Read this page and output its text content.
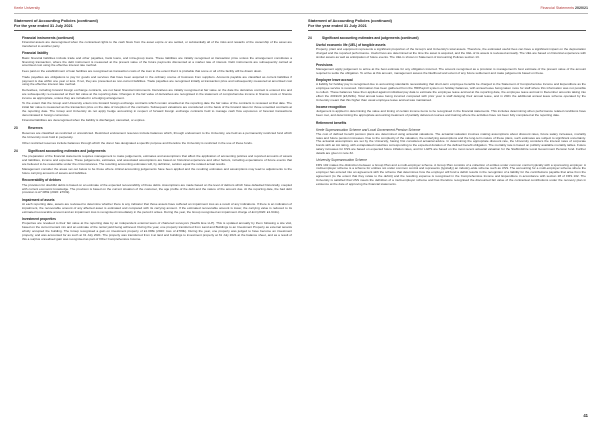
Keele University	Financial Statements 2020/21
Statement of Accounting Policies (continued)
For the year ended 31 July 2021
Financial instruments (continued)
Financial assets are derecognised when the contractual rights to the cash flows from the asset expire or are settled, or substantially all of the risks and rewards of the ownership of the asset are transferred to another party.
Financial liability
Basic financial liabilities include trade and other payables, bank loans, and intra-group loans. These liabilities are initially recognised at transaction price unless the arrangement constitutes a financing transaction, where the debt instrument is measured at the present value of the future payments discounted at a market rate of interest. Debt instruments are subsequently carried at amortised cost using the effective interest rate method.
Fees paid on the establishment of loan facilities are recognised as transaction costs of the loan to the extent that it is probable that some or all of the facility will be drawn down.
Trade payables are obligations to pay for goods and services that have been acquired in the ordinary course of business from suppliers. Accounts payable are classified as current liabilities if payment is due within one year or less. If not, they are presented as non-current liabilities. Trade payables are recognised initially at transaction price and subsequently measured at amortised cost using the effective interest rate method.
Derivatives, including forward foreign exchange contracts, are not basic financial instruments. Derivatives are initially recognised at fair value on the date the derivative contract is entered into and are subsequently re-measured at their fair value at the reporting date. Changes in the fair value of derivatives are recognised in the statement of comprehensive income in finance costs or finance income as appropriate, unless they are included in a hedging arrangement.
To the extent that the Group and University enters into forward foreign exchange contracts which remain unsettled at the reporting date the fair value of the contracts is reviewed at that date. The initial fair value is measured as the transaction price on the date of inception of the contracts. Subsequent valuations are considered on the basis of the forward rates for those unsettled contracts at the reporting date. The Group and University do not apply hedge accounting in respect of forward foreign exchange contracts held to manage cash flow exposures of forecast transactions denominated in foreign currencies.
Financial liabilities are derecognised when the liability is discharged, cancelled, or expires.
23	Reserves
Reserves are classified as restricted or unrestricted. Restricted endowment reserves include balances which, through endowment to the University, are held as a permanently restricted fund which the University must hold in perpetuity.
Other restricted reserves include balances through which the donor has designated a specific purpose and therefore the University is restricted in the use of these funds.
24	Significant accounting estimates and judgements
The preparation of the financial statements requires management to make judgements, estimates and assumptions that affect the application of accounting policies and reported amounts of assets and liabilities, income and expenses. These judgements, estimates, and associated assumptions are based on historical experience and other factors, including expectations of future events that are believed to be reasonable under the circumstances. The resulting accounting estimates will, by definition, seldom equal the related actual results.
Management consider the areas set out below to be those where critical accounting judgements have been applied and the resulting estimates and assumptions may lead to adjustments to the future carrying amounts of assets and liabilities.
Recoverability of debtors
The provision for doubtful debts is based on an estimate of the expected recoverability of those debts. Assumptions are made based on the level of debtors which have defaulted historically, coupled with current economic knowledge. The provision is based on the current situation of the customer, the age profile of the debt and the nature of the amount due. At the reporting date, the bad debt provision is £7.086k (2020: £763k).
Impairment of assets
At each reporting date, assets are reviewed to determine whether there is any indicator that those assets have suffered an impairment loss as a result of any indications. If there is an indication of impairment, the recoverable amount of any affected asset is estimated and compared with its carrying amount. If the estimated recoverable amount is lower, the carrying value is reduced to its estimated recoverable amount and an impairment loss is recognised immediately in the period it arises. During the year, the Group recognised an impairment charge of £nil (2020: £1.941k).
Investment properties
Properties are revalued to their fair value at the reporting date by an independent external team of chartered surveyors (Savills Eve LLP). This is updated annually by them following a site visit, based on the current tenant mix and an estimate of the rental yield being achieved. During the year, one property transferred from Land and Buildings to an Investment Property as external tenants wholly occupied the building. The Group recognised a gain on investment property of £1.096k (2020: loss of £780k). During the year, one property was judged to have become an investment property, and was accounted for as such at 31 July 2021. The property was transferred from it at land and buildings to investment property at 31 July 2021 at the balance sheet, and as a result of this a surplus unrealised gain was recognised as part of Other Comprehensive Income.
Statement of Accounting Policies (continued)
For the year ended 31 July 2021
24	Significant accounting estimates and judgements (continued)
Useful economic life (UEL) of tangible assets
Property, plant and equipment represents a significant proportion of the Group's and University's total assets. Therefore, the estimated useful lives can have a significant impact on the depreciation charged and the reported performance. Useful lives are determined at the time the asset is acquired, and the UEL of its assets is reviewed annually. The UEL are based on historical experience with similar assets as well as anticipation of future events. The UEL is shown in Statement of Accounting Policies section 13.
Provisions
Management apply judgement to arrive at the best estimate for any obligation incurred. The amount recognised as a provision is management's best estimate of the present value of the amount required to settle the obligation. To arrive at this amount, management assess the likelihood and extent of any future settlement and make judgements based on these.
Employee leave accrual
A liability for holiday pay is recognised due to accounting standards necessitating that short-term employee benefits be charged to the Statement of Comprehensive Income and Expenditure as the employee service is received. Information has been gathered from the HR/Payroll system on holiday balances, with annual leave being taken more for staff where this information was not possible to collect. These balances have then applied against individual pay data to estimate the employee leave accrual at the reporting date, the employee leave accrual in December amounts taking into effect the 2019/20 (£3,824k). Total annual leave being incurred compared with prior year is staff delaying their annual leave, and in 2021 the additional annual leave scheme operated by the University meant that this higher than usual employee leave accrual was maintained.
Income recognition
Judgement is applied in determining the value and timing of certain income items to be recognised in the financial statements. This includes determining when performance related conditions have been met, and determining the appropriate accounting treatment of partially delivered courses and training where the activities have not been fully completed at the reporting date.
Retirement benefits
Keele Superannuation Scheme and Local Government Pension Scheme
The cost of defined benefit pension plans are determined using actuarial valuations. The actuarial valuation involves making assumptions about discount rates, future salary increases, mortality rates and future pension increases. Due to the complexity of the valuation, the underlying assumptions and the long-term nature of these plans, such estimates are subject to significant uncertainty. The actuarial assumptions are set by the University, having first considered actuarial advice. In determining the appropriate discount rate, the University considers the interest rates of corporate bonds with an AA rating, with extrapolated maturities corresponding to the expected duration of the defined benefit obligation. The mortality rate is based on publicly available mortality tables. Future salary increases for KSS are based on expected future inflation rates, and for LGPS are based on the most recent actuarial valuation for the Staffordshire Local Government Pension fund. Further details are given in note 32.
University Superannuation Scheme
FRS 102 makes the distinction between a Group Plan and a multi-employer scheme. A Group Plan consists of a collection of entities under common control typically with a sponsoring employer. A multi-employer scheme is a scheme for entities not under common control and represents (typically) an industry-wide scheme such as USS. The accounting for a multi-employer scheme where the employer has entered into an agreement with the scheme that determines how the employer will fund a deficit results in the recognition of a liability for the contributions payable that arise from the agreement (to the extent that they relate to the deficit) and the resulting expense is recognised in the Comprehensive Income and Expenditure in accordance with section 28 of FRS 102. The University is satisfied that USS meets the definition of a multi-employer scheme and has therefore recognised the discounted fair value of the contractual contributions under the recovery plan in existence at the date of approving the financial statements.
41
